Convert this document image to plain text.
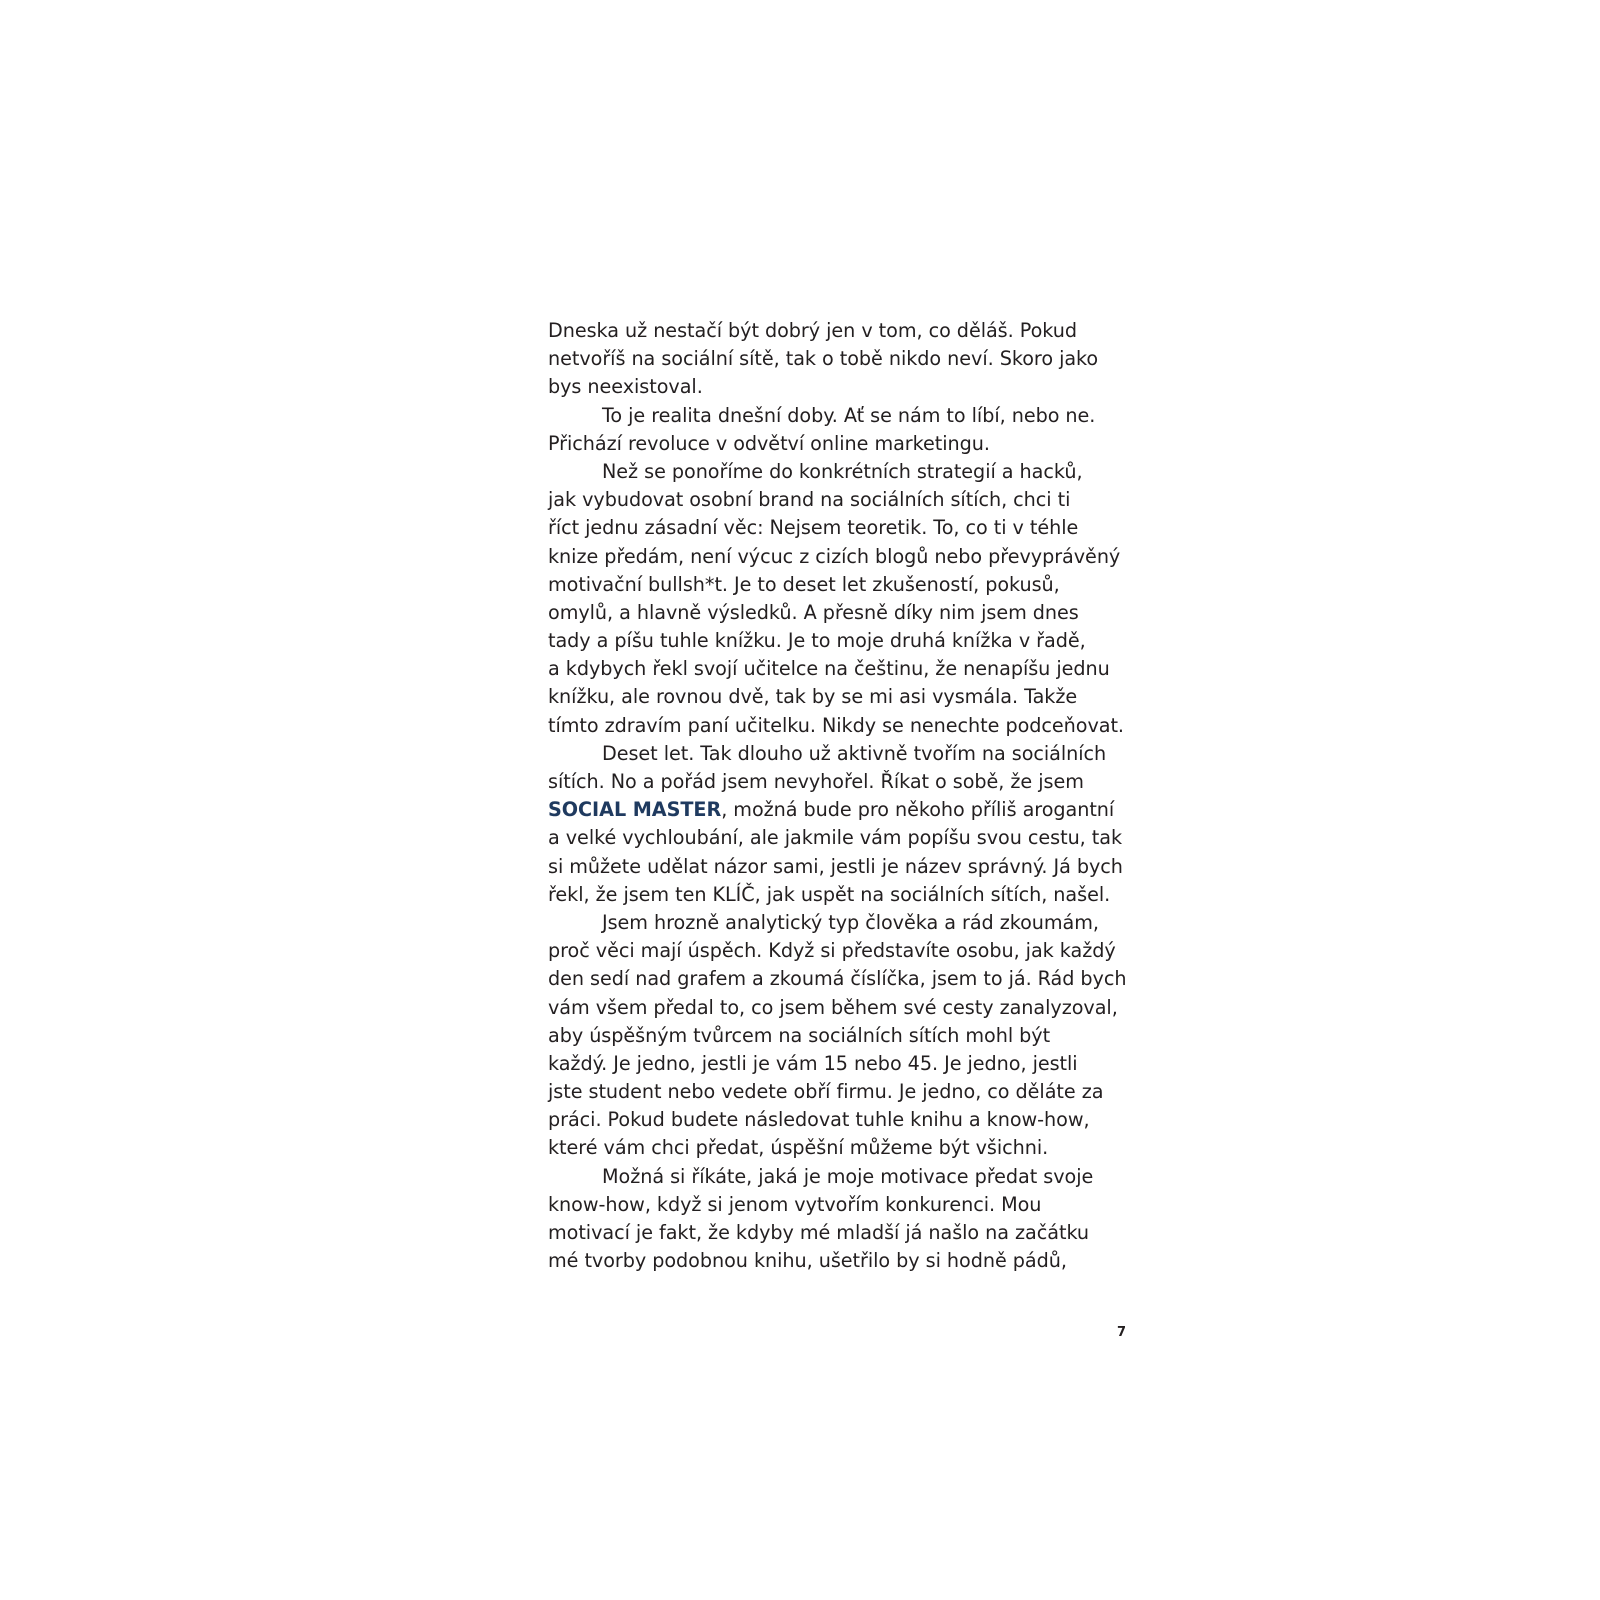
Dneska už nestačí být dobrý jen v tom, co děláš. Pokud
netvoříš na sociální sítě, tak o tobě nikdo neví. Skoro jako
bys neexistoval.
To je realita dnešní doby. Ať se nám to líbí, nebo ne.
Přichází revoluce v odvětví online marketingu.
Než se ponoříme do konkrétních strategií a hacků,
jak vybudovat osobní brand na sociálních sítích, chci ti
říct jednu zásadní věc: Nejsem teoretik. To, co ti v téhle
knize předám, není výcuc z cizích blogů nebo převyprávěný
motivační bullsh*t. Je to deset let zkušeností, pokusů,
omylů, a hlavně výsledků. A přesně díky nim jsem dnes
tady a píšu tuhle knížku. Je to moje druhá knížka v řadě,
a kdybych řekl svojí učitelce na češtinu, že nenapíšu jednu
knížku, ale rovnou dvě, tak by se mi asi vysmála. Takže
tímto zdravím paní učitelku. Nikdy se nenechte podceňovat.
Deset let. Tak dlouho už aktivně tvořím na sociálních
sítích. No a pořád jsem nevyhořel. Říkat o sobě, že jsem
SOCIAL MASTER, možná bude pro někoho příliš arogantní
a velké vychloubání, ale jakmile vám popíšu svou cestu, tak
si můžete udělat názor sami, jestli je název správný. Já bych
řekl, že jsem ten KLÍČ, jak uspět na sociálních sítích, našel.
Jsem hrozně analytický typ člověka a rád zkoumám,
proč věci mají úspěch. Když si představíte osobu, jak každý
den sedí nad grafem a zkoumá číslíčka, jsem to já. Rád bych
vám všem předal to, co jsem během své cesty zanalyzoval,
aby úspěšným tvůrcem na sociálních sítích mohl být
každý. Je jedno, jestli je vám 15 nebo 45. Je jedno, jestli
jste student nebo vedete obří firmu. Je jedno, co děláte za
práci. Pokud budete následovat tuhle knihu a know-how,
které vám chci předat, úspěšní můžeme být všichni.
Možná si říkáte, jaká je moje motivace předat svoje
know-how, když si jenom vytvořím konkurenci. Mou
motivací je fakt, že kdyby mé mladší já našlo na začátku
mé tvorby podobnou knihu, ušetřilo by si hodně pádů,
7
